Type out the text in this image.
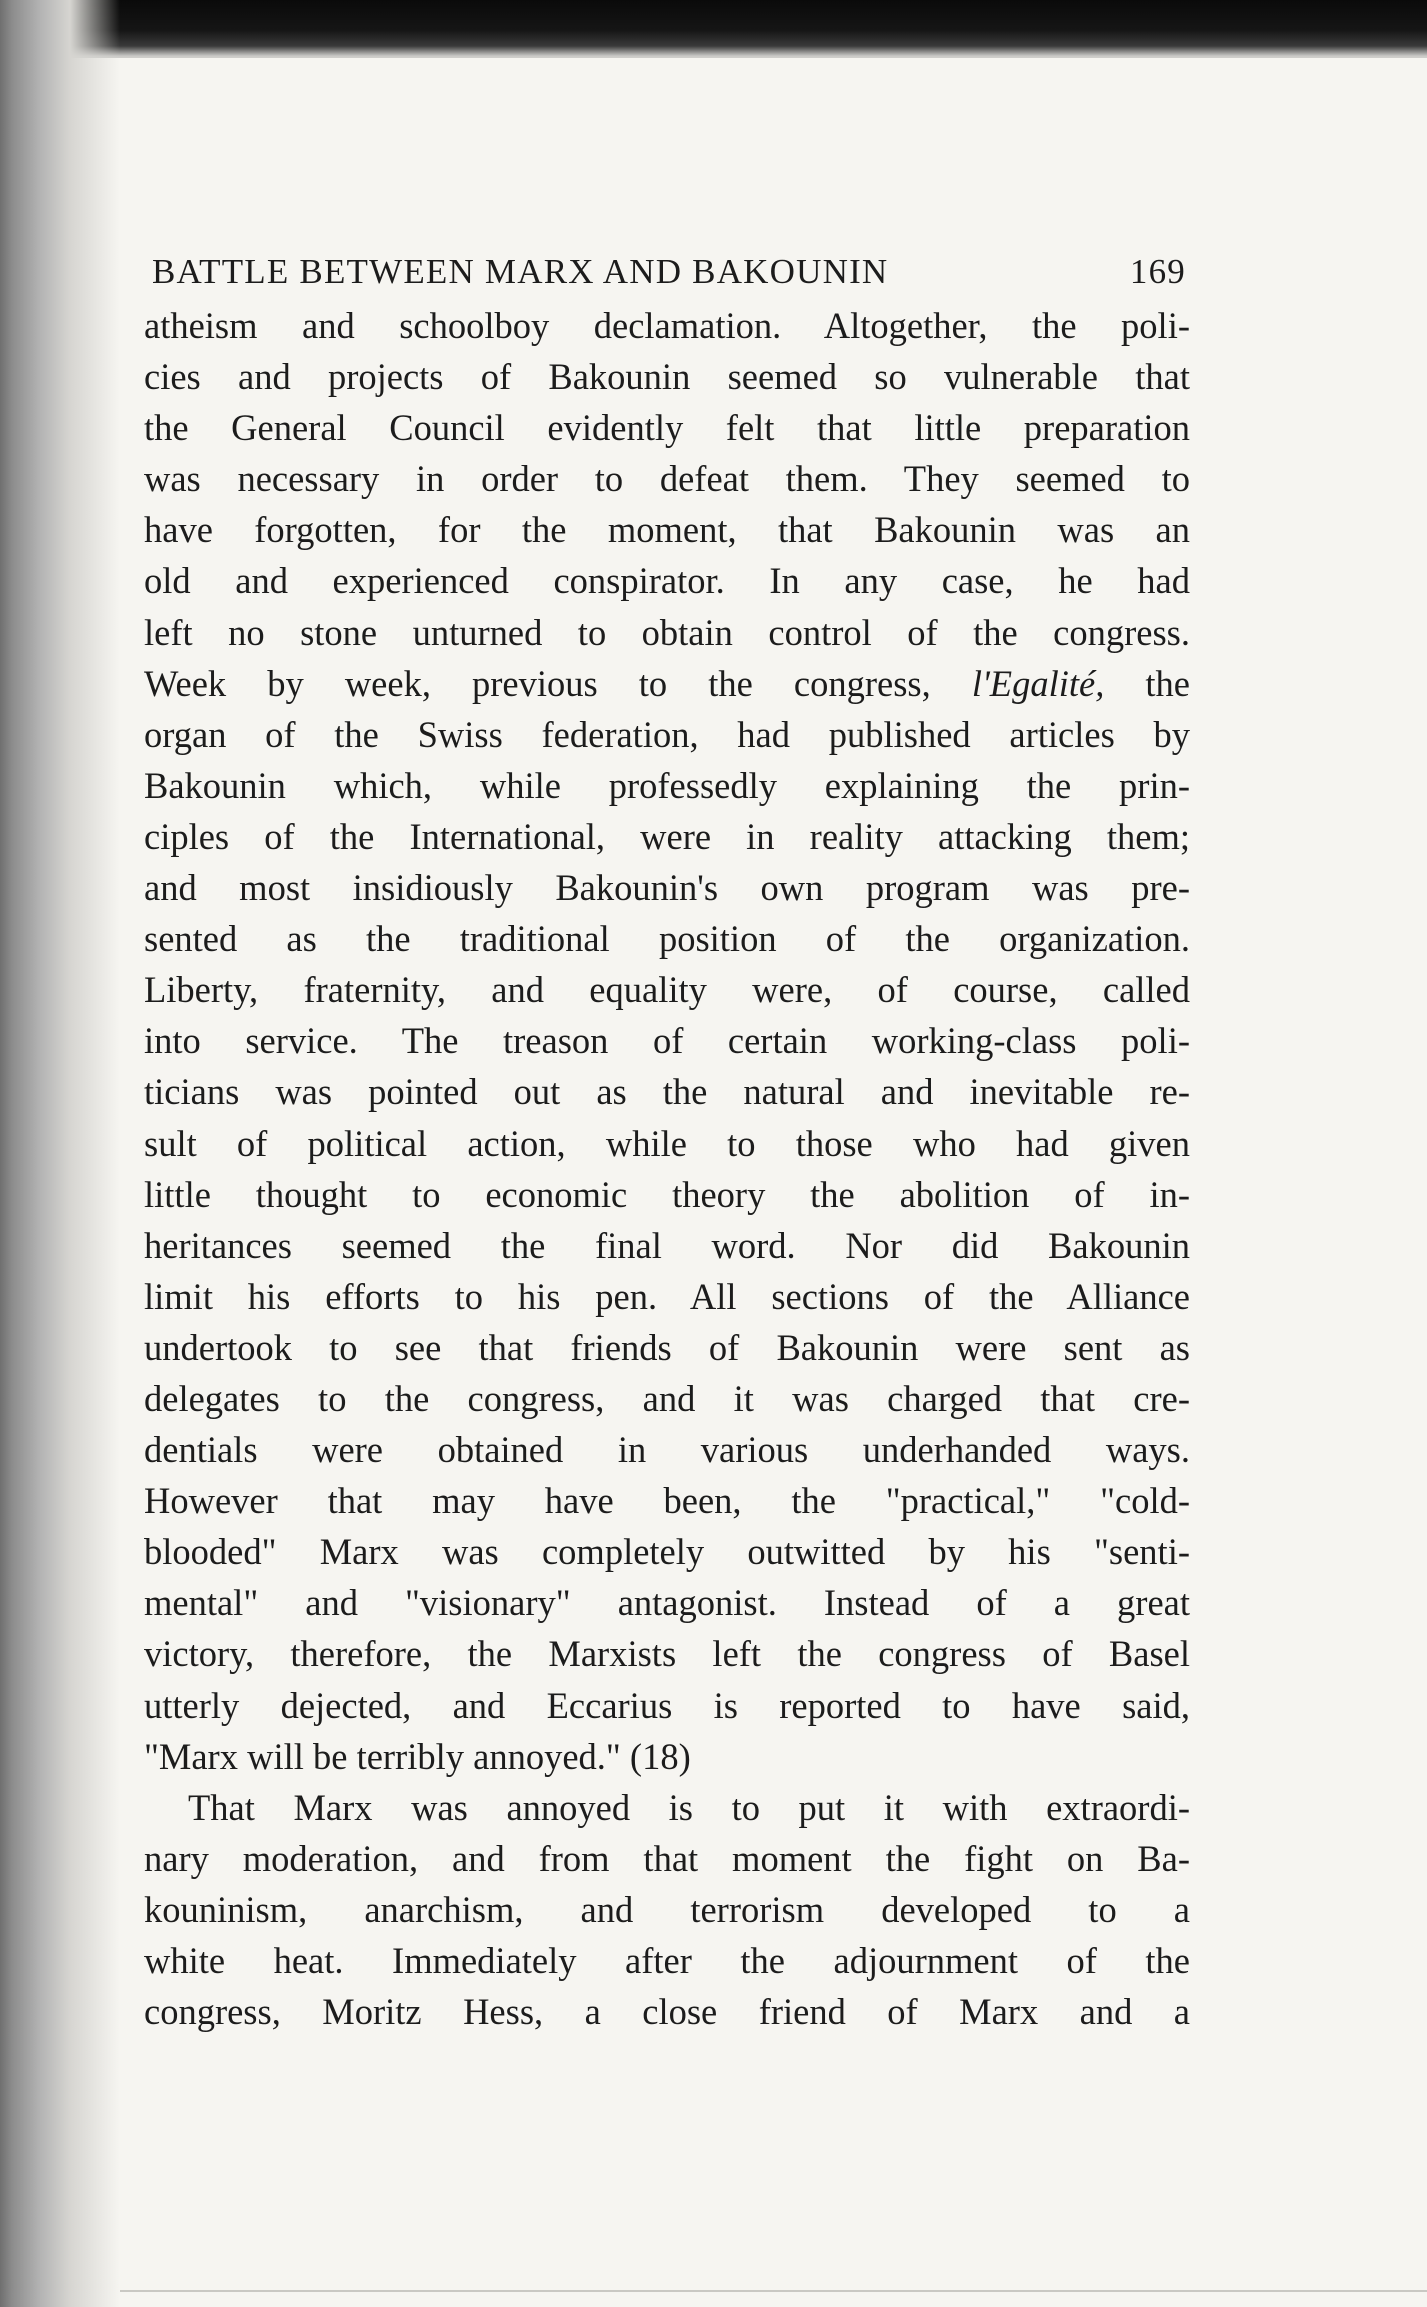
BATTLE BETWEEN MARX AND BAKOUNIN	169
atheism and schoolboy declamation. Altogether, the poli-
cies and projects of Bakounin seemed so vulnerable that
the General Council evidently felt that little preparation
was necessary in order to defeat them. They seemed to
have forgotten, for the moment, that Bakounin was an
old and experienced conspirator. In any case, he had
left no stone unturned to obtain control of the congress.
Week by week, previous to the congress, l'Egalité, the
organ of the Swiss federation, had published articles by
Bakounin which, while professedly explaining the prin-
ciples of the International, were in reality attacking them;
and most insidiously Bakounin's own program was pre-
sented as the traditional position of the organization.
Liberty, fraternity, and equality were, of course, called
into service. The treason of certain working-class poli-
ticians was pointed out as the natural and inevitable re-
sult of political action, while to those who had given
little thought to economic theory the abolition of in-
heritances seemed the final word. Nor did Bakounin
limit his efforts to his pen. All sections of the Alliance
undertook to see that friends of Bakounin were sent as
delegates to the congress, and it was charged that cre-
dentials were obtained in various underhanded ways.
However that may have been, the "practical," "cold-
blooded" Marx was completely outwitted by his "senti-
mental" and "visionary" antagonist. Instead of a great
victory, therefore, the Marxists left the congress of Basel
utterly dejected, and Eccarius is reported to have said,
"Marx will be terribly annoyed." (18)
That Marx was annoyed is to put it with extraordi-
nary moderation, and from that moment the fight on Ba-
kouninism, anarchism, and terrorism developed to a
white heat. Immediately after the adjournment of the
congress, Moritz Hess, a close friend of Marx and a
